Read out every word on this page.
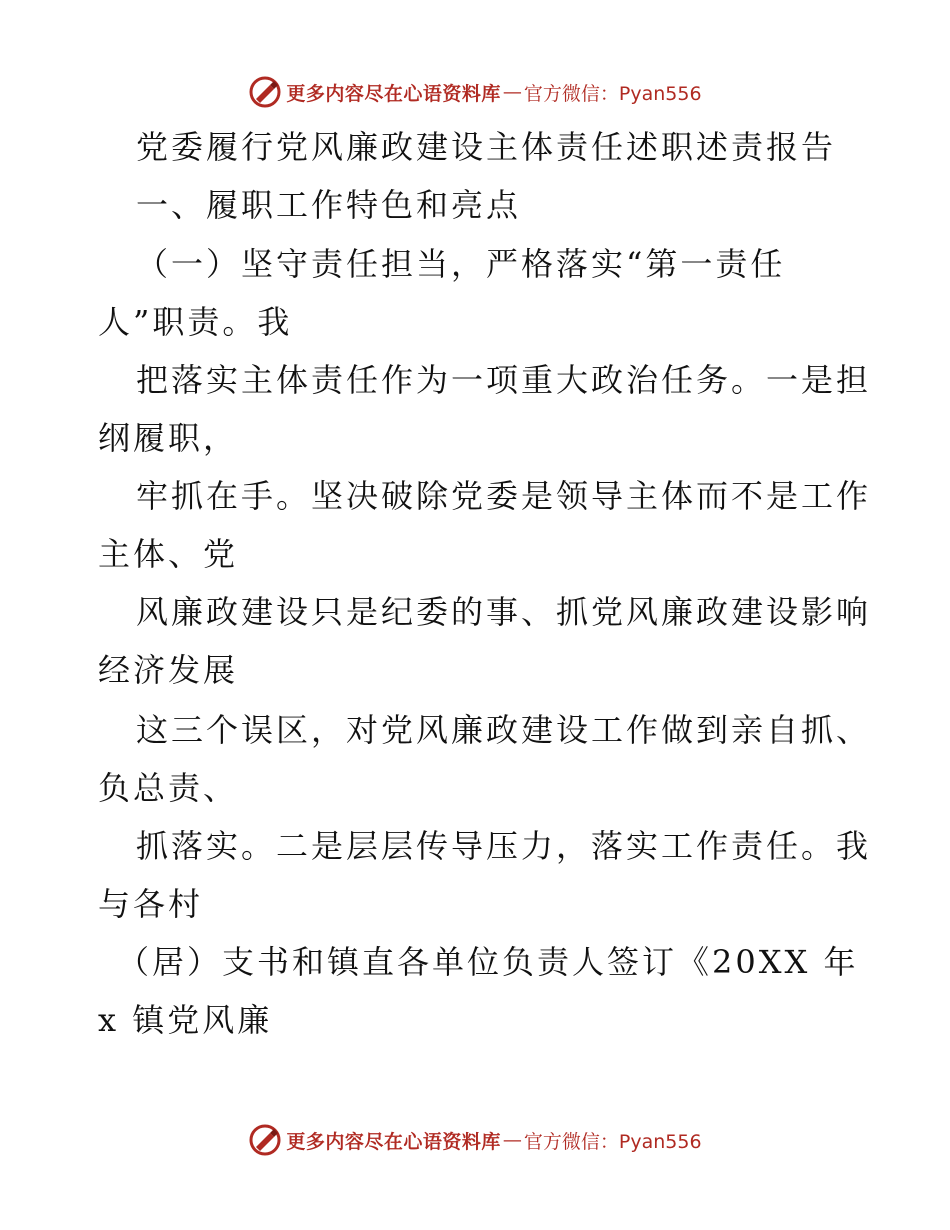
更多内容尽在心语资料库 — 官方微信：Pyan556
党委履行党风廉政建设主体责任述职述责报告
一、履职工作特色和亮点
（一）坚守责任担当，严格落实“第一责任
人”职责。我
把落实主体责任作为一项重大政治任务。一是担
纲履职，
牢抓在手。坚决破除党委是领导主体而不是工作
主体、党
风廉政建设只是纪委的事、抓党风廉政建设影响
经济发展
这三个误区，对党风廉政建设工作做到亲自抓、
负总责、
抓落实。二是层层传导压力，落实工作责任。我
与各村
（居）支书和镇直各单位负责人签订《20XX 年
x 镇党风廉
更多内容尽在心语资料库 — 官方微信：Pyan556
